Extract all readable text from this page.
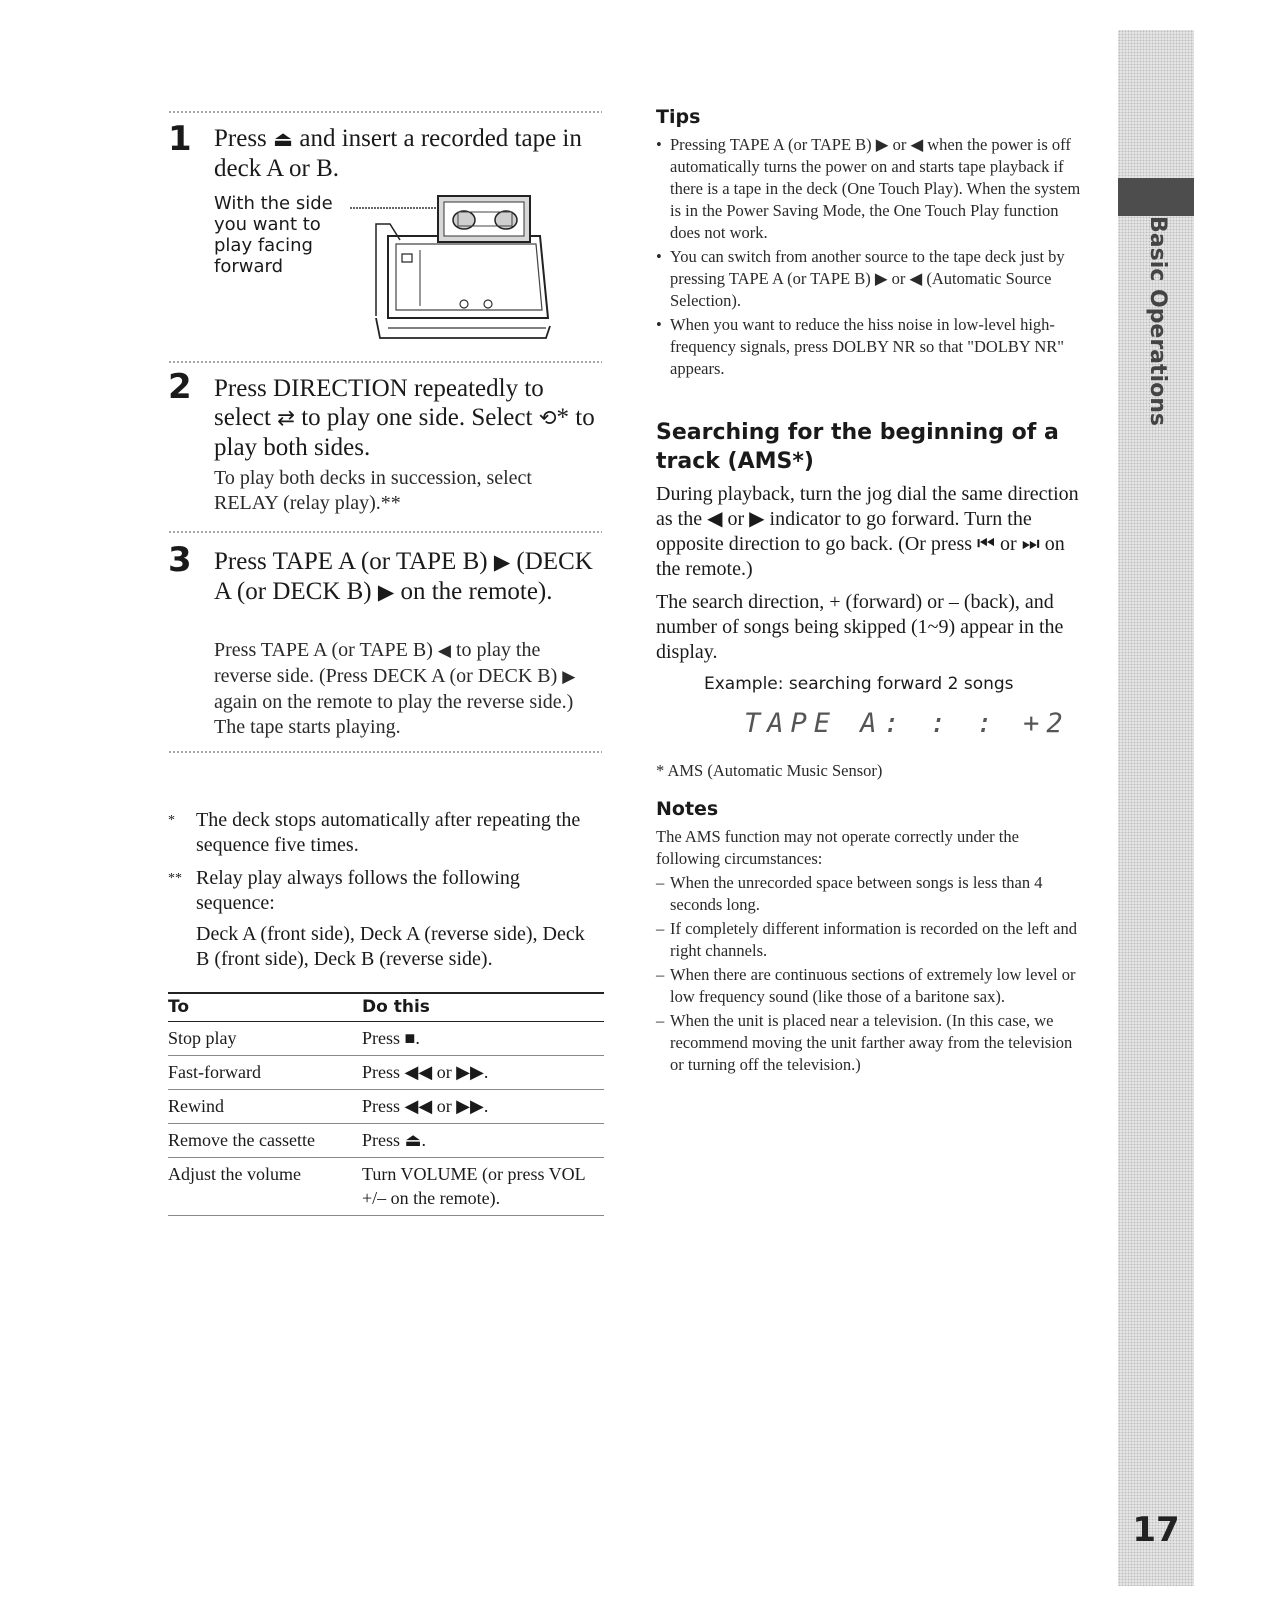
Basic Operations
17
1 Press ⏏ and insert a recorded tape in deck A or B.
With the side you want to play facing forward
2 Press DIRECTION repeatedly to select ⇄ to play one side. Select ⟲* to play both sides.
To play both decks in succession, select RELAY (relay play).**
3 Press TAPE A (or TAPE B) ▶ (DECK A (or DECK B) ▶ on the remote).
Press TAPE A (or TAPE B) ◀ to play the reverse side. (Press DECK A (or DECK B) ▶ again on the remote to play the reverse side.) The tape starts playing.
* The deck stops automatically after repeating the sequence five times.
** Relay play always follows the following sequence:
Deck A (front side), Deck A (reverse side), Deck B (front side), Deck B (reverse side).
To	Do this
Stop play	Press ■.
Fast-forward	Press ◀◀ or ▶▶.
Rewind	Press ◀◀ or ▶▶.
Remove the cassette	Press ⏏.
Adjust the volume	Turn VOLUME (or press VOL +/– on the remote).
Tips
• Pressing TAPE A (or TAPE B) ▶ or ◀ when the power is off automatically turns the power on and starts tape playback if there is a tape in the deck (One Touch Play). When the system is in the Power Saving Mode, the One Touch Play function does not work.
• You can switch from another source to the tape deck just by pressing TAPE A (or TAPE B) ▶ or ◀ (Automatic Source Selection).
• When you want to reduce the hiss noise in low-level high-frequency signals, press DOLBY NR so that "DOLBY NR" appears.
Searching for the beginning of a track (AMS*)
During playback, turn the jog dial the same direction as the ◀ or ▶ indicator to go forward. Turn the opposite direction to go back. (Or press ⏮ or ⏭ on the remote.)
The search direction, + (forward) or – (back), and number of songs being skipped (1~9) appear in the display.
Example: searching forward 2 songs
TAPE A: : : +2
* AMS (Automatic Music Sensor)
Notes
The AMS function may not operate correctly under the following circumstances:
– When the unrecorded space between songs is less than 4 seconds long.
– If completely different information is recorded on the left and right channels.
– When there are continuous sections of extremely low level or low frequency sound (like those of a baritone sax).
– When the unit is placed near a television. (In this case, we recommend moving the unit farther away from the television or turning off the television.)
